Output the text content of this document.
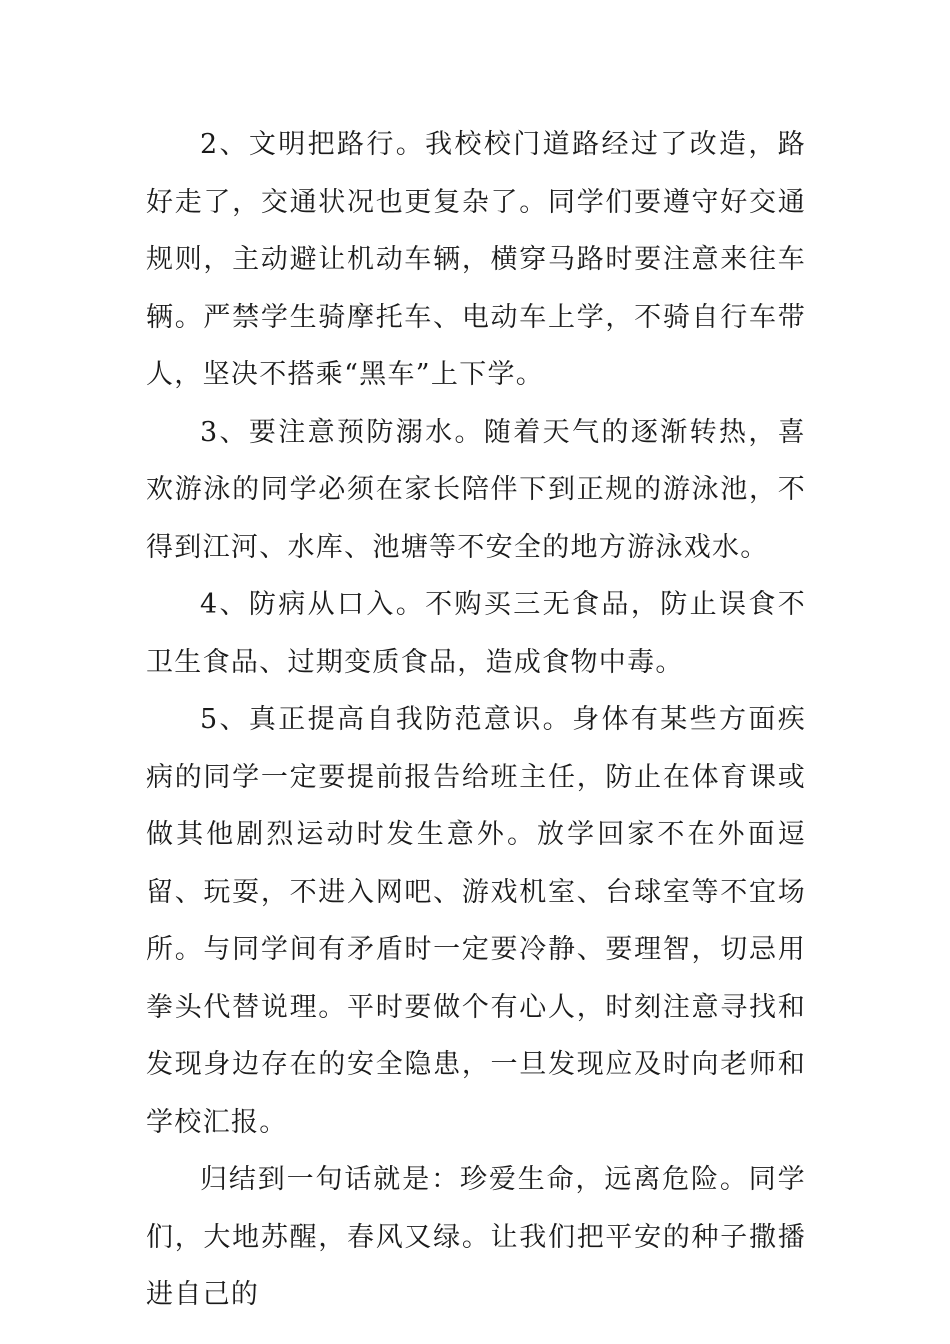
2、文明把路行。我校校门道路经过了改造，路好走了，交通状况也更复杂了。同学们要遵守好交通规则，主动避让机动车辆，横穿马路时要注意来往车辆。严禁学生骑摩托车、电动车上学，不骑自行车带人，坚决不搭乘“黑车”上下学。

3、要注意预防溺水。随着天气的逐渐转热，喜欢游泳的同学必须在家长陪伴下到正规的游泳池，不得到江河、水库、池塘等不安全的地方游泳戏水。

4、防病从口入。不购买三无食品，防止误食不卫生食品、过期变质食品，造成食物中毒。

5、真正提高自我防范意识。身体有某些方面疾病的同学一定要提前报告给班主任，防止在体育课或做其他剧烈运动时发生意外。放学回家不在外面逗留、玩耍，不进入网吧、游戏机室、台球室等不宜场所。与同学间有矛盾时一定要冷静、要理智，切忌用拳头代替说理。平时要做个有心人，时刻注意寻找和发现身边存在的安全隐患，一旦发现应及时向老师和学校汇报。

归结到一句话就是：珍爱生命，远离危险。同学们，大地苏醒，春风又绿。让我们把平安的种子撒播进自己的
